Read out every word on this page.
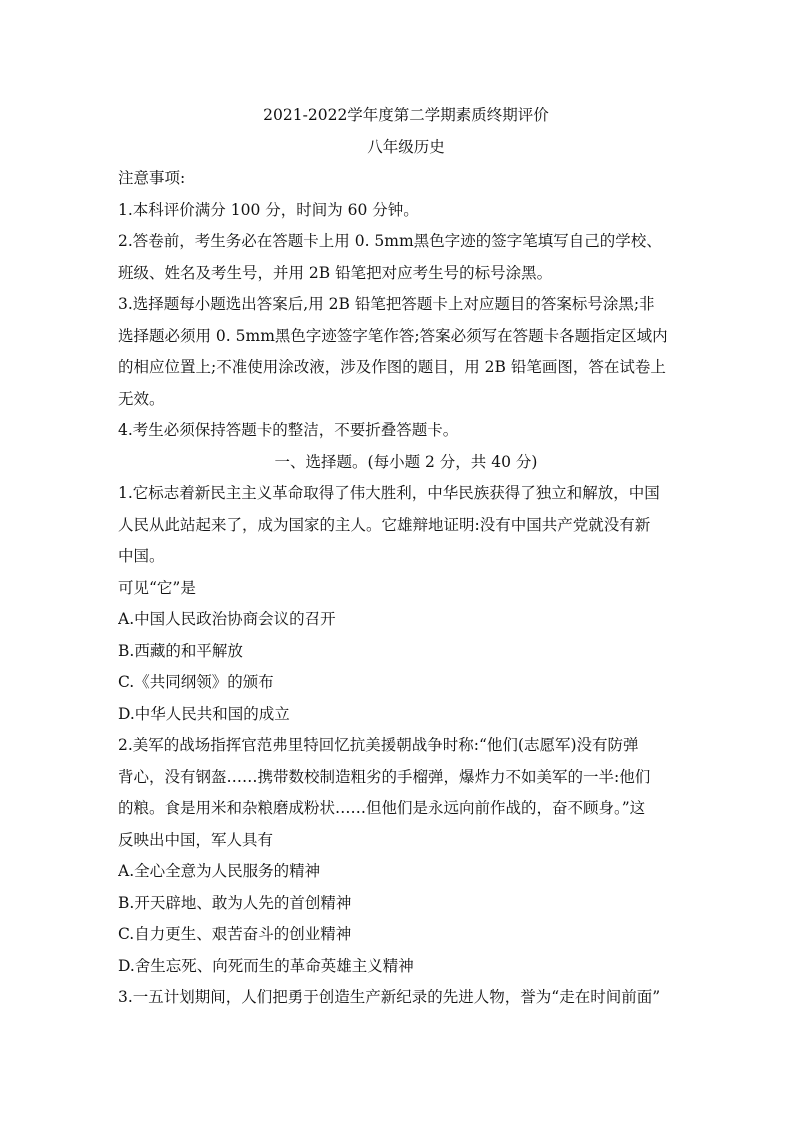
2021-2022学年度第二学期素质终期评价
八年级历史
注意事项:
1.本科评价满分 100 分，时间为 60 分钟。
2.答卷前，考生务必在答题卡上用 0. 5mm黑色字迹的签字笔填写自己的学校、
班级、姓名及考生号，并用 2B 铅笔把对应考生号的标号涂黑。
3.选择题每小题选出答案后,用 2B 铅笔把答题卡上对应题目的答案标号涂黑;非
选择题必须用 0. 5mm黑色字迹签字笔作答;答案必须写在答题卡各题指定区域内
的相应位置上;不准使用涂改液，涉及作图的题目，用 2B 铅笔画图，答在试卷上
无效。
4.考生必须保持答题卡的整洁，不要折叠答题卡。
一、选择题。(每小题 2 分，共 40 分)
1.它标志着新民主主义革命取得了伟大胜利，中华民族获得了独立和解放，中国
人民从此站起来了，成为国家的主人。它雄辩地证明:没有中国共产党就没有新
中国。
可见“它”是
A.中国人民政治协商会议的召开
B.西藏的和平解放
C.《共同纲领》的颁布
D.中华人民共和国的成立
2.美军的战场指挥官范弗里特回忆抗美援朝战争时称:“他们(志愿军)没有防弹
背心，没有钢盔……携带数校制造粗劣的手榴弹，爆炸力不如美军的一半:他们
的粮。食是用米和杂粮磨成粉状……但他们是永远向前作战的，奋不顾身。”这
反映出中国，军人具有
A.全心全意为人民服务的精神
B.开天辟地、敢为人先的首创精神
C.自力更生、艰苦奋斗的创业精神
D.舍生忘死、向死而生的革命英雄主义精神
3.一五计划期间，人们把勇于创造生产新纪录的先进人物，誉为“走在时间前面”
